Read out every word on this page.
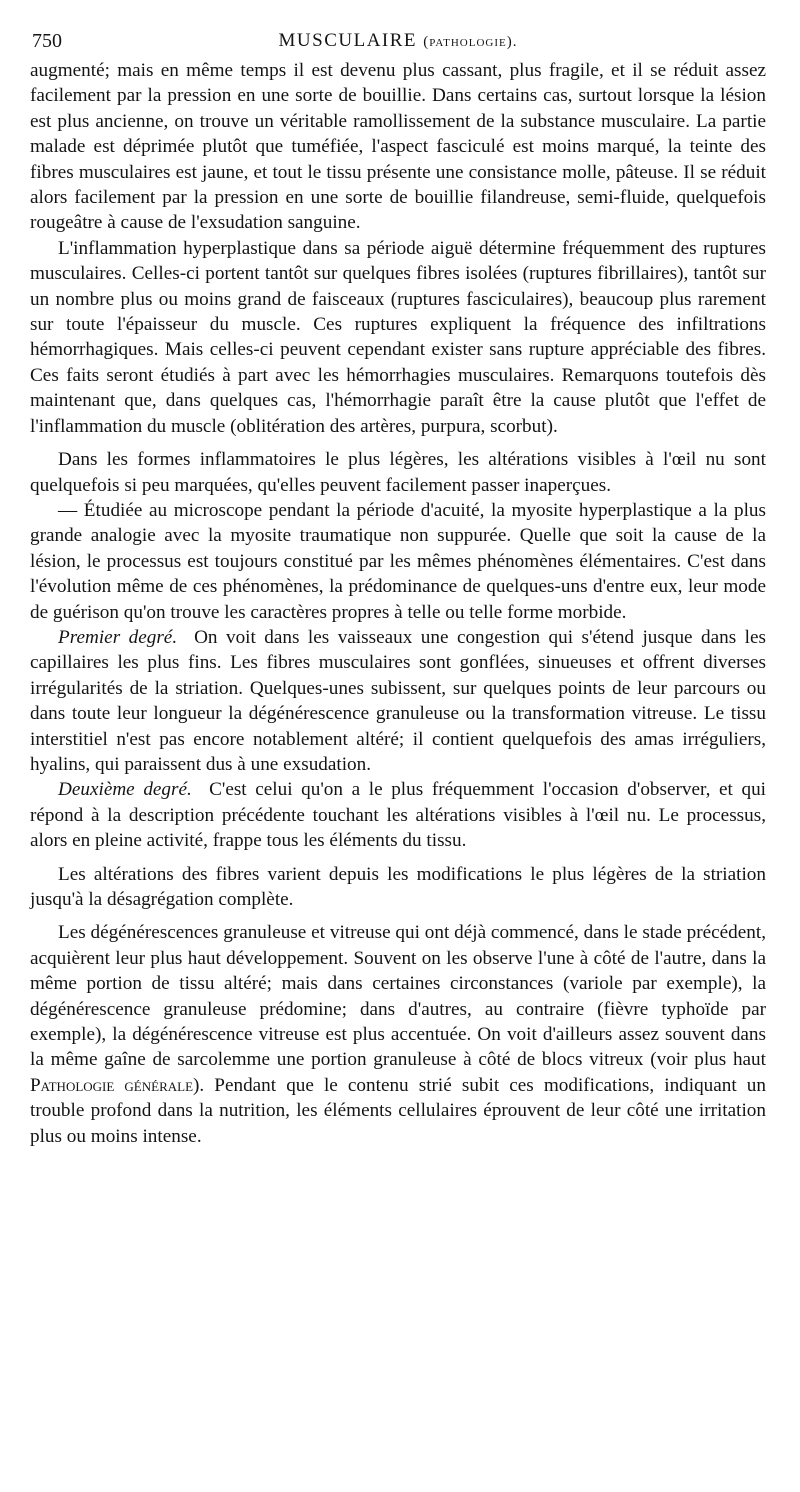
750	MUSCULAIRE (pathologie).

augmenté; mais en même temps il est devenu plus cassant, plus fragile, et il se réduit assez facilement par la pression en une sorte de bouillie. Dans certains cas, surtout lorsque la lésion est plus ancienne, on trouve un véritable ramollissement de la substance musculaire. La partie malade est déprimée plutôt que tuméfiée, l'aspect fasciculé est moins marqué, la teinte des fibres musculaires est jaune, et tout le tissu présente une consistance molle, pâteuse. Il se réduit alors facilement par la pression en une sorte de bouillie filandreuse, semi-fluide, quelquefois rougeâtre à cause de l'exsudation sanguine.

L'inflammation hyperplastique dans sa période aiguë détermine fréquemment des ruptures musculaires. Celles-ci portent tantôt sur quelques fibres isolées (ruptures fibrillaires), tantôt sur un nombre plus ou moins grand de faisceaux (ruptures fasciculaires), beaucoup plus rarement sur toute l'épaisseur du muscle. Ces ruptures expliquent la fréquence des infiltrations hémorrhagiques. Mais celles-ci peuvent cependant exister sans rupture appréciable des fibres. Ces faits seront étudiés à part avec les hémorrhagies musculaires. Remarquons toutefois dès maintenant que, dans quelques cas, l'hémorrhagie paraît être la cause plutôt que l'effet de l'inflammation du muscle (oblitération des artères, purpura, scorbut).

Dans les formes inflammatoires le plus légères, les altérations visibles à l'œil nu sont quelquefois si peu marquées, qu'elles peuvent facilement passer inaperçues.

— Étudiée au microscope pendant la période d'acuité, la myosite hyperplastique a la plus grande analogie avec la myosite traumatique non suppurée. Quelle que soit la cause de la lésion, le processus est toujours constitué par les mêmes phénomènes élémentaires. C'est dans l'évolution même de ces phénomènes, la prédominance de quelques-uns d'entre eux, leur mode de guérison qu'on trouve les caractères propres à telle ou telle forme morbide.

Premier degré. On voit dans les vaisseaux une congestion qui s'étend jusque dans les capillaires les plus fins. Les fibres musculaires sont gonflées, sinueuses et offrent diverses irrégularités de la striation. Quelques-unes subissent, sur quelques points de leur parcours ou dans toute leur longueur la dégénérescence granuleuse ou la transformation vitreuse. Le tissu interstitiel n'est pas encore notablement altéré; il contient quelquefois des amas irréguliers, hyalins, qui paraissent dus à une exsudation.

Deuxième degré. C'est celui qu'on a le plus fréquemment l'occasion d'observer, et qui répond à la description précédente touchant les altérations visibles à l'œil nu. Le processus, alors en pleine activité, frappe tous les éléments du tissu.

Les altérations des fibres varient depuis les modifications le plus légères de la striation jusqu'à la désagrégation complète.

Les dégénérescences granuleuse et vitreuse qui ont déjà commencé, dans le stade précédent, acquièrent leur plus haut développement. Souvent on les observe l'une à côté de l'autre, dans la même portion de tissu altéré; mais dans certaines circonstances (variole par exemple), la dégénérescence granuleuse prédomine; dans d'autres, au contraire (fièvre typhoïde par exemple), la dégénérescence vitreuse est plus accentuée. On voit d'ailleurs assez souvent dans la même gaîne de sarcolemme une portion granuleuse à côté de blocs vitreux (voir plus haut Pathologie générale). Pendant que le contenu strié subit ces modifications, indiquant un trouble profond dans la nutrition, les éléments cellulaires éprouvent de leur côté une irritation plus ou moins intense.
